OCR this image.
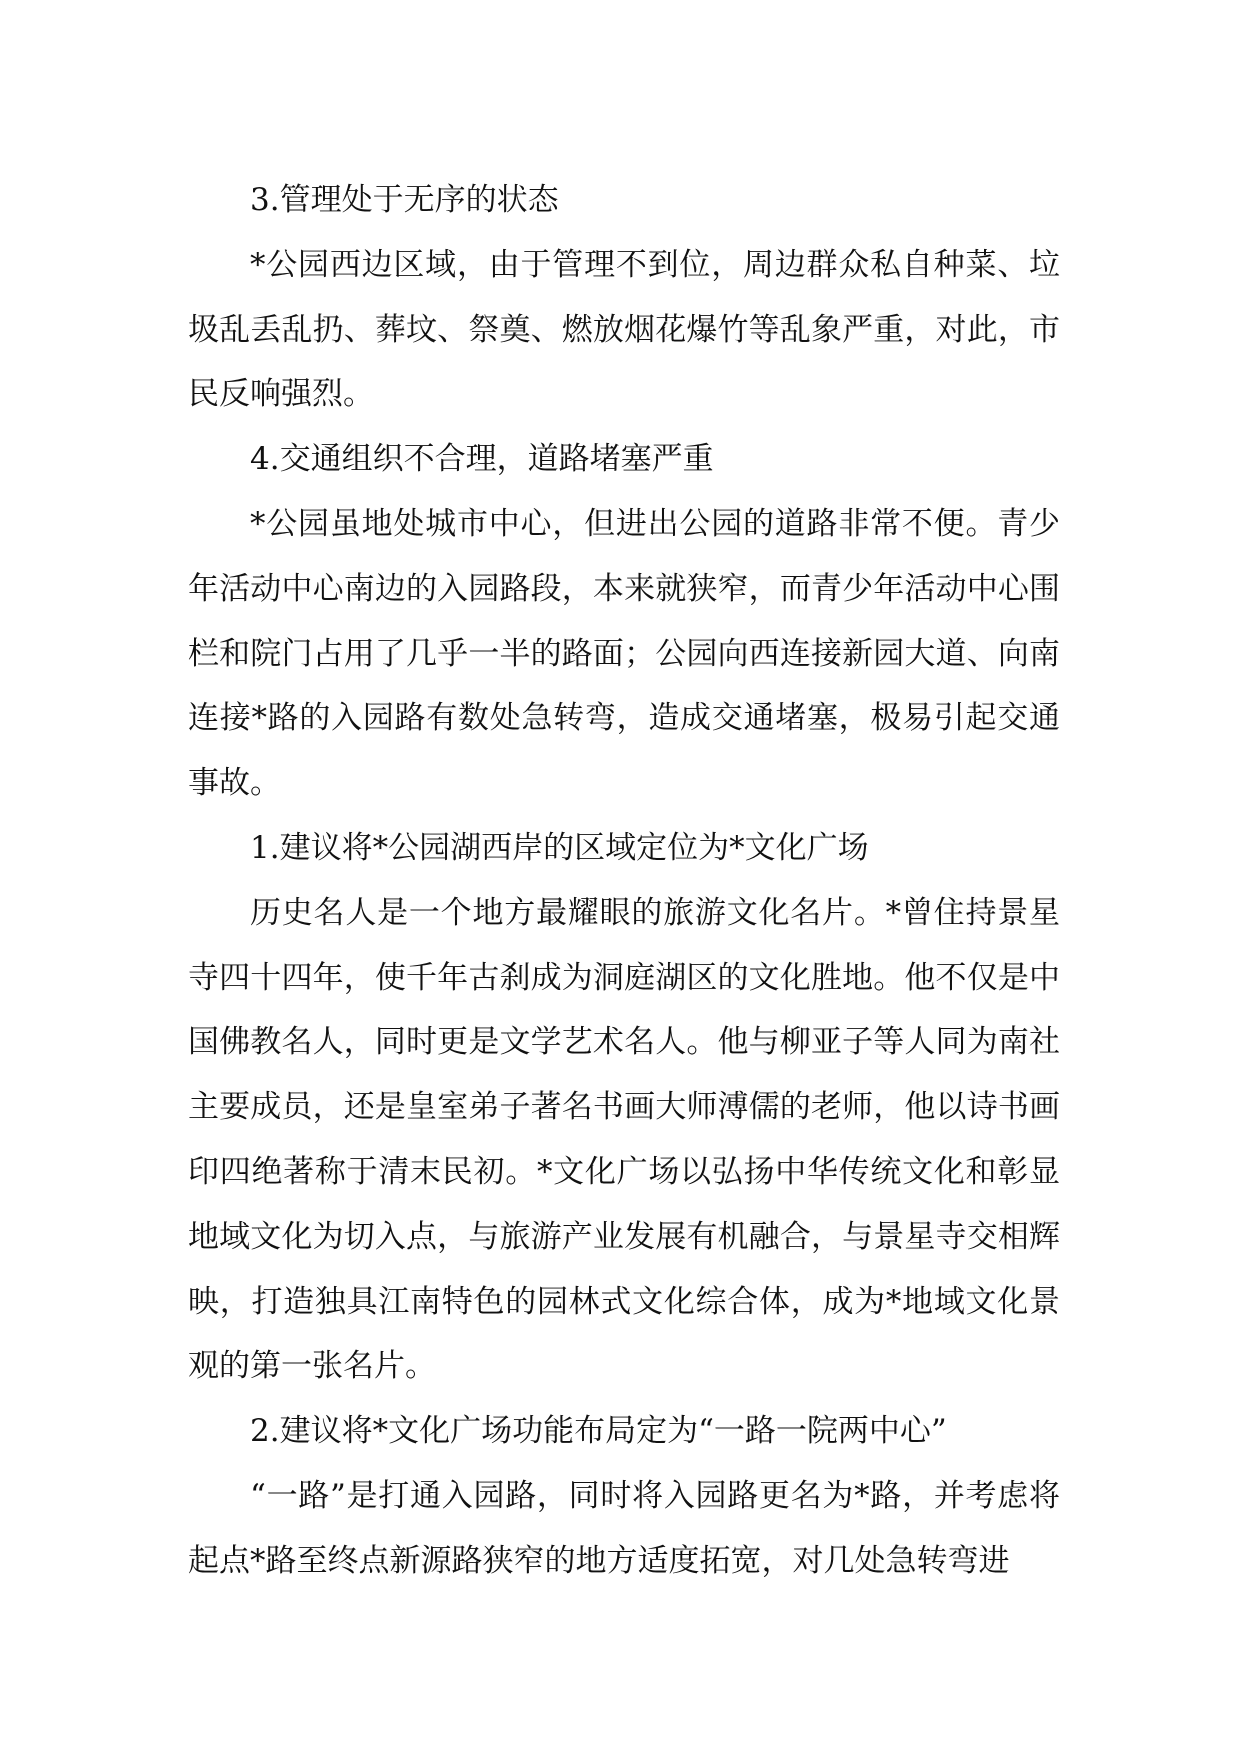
3.管理处于无序的状态

*公园西边区域，由于管理不到位，周边群众私自种菜、垃圾乱丢乱扔、葬坟、祭奠、燃放烟花爆竹等乱象严重，对此，市民反响强烈。

4.交通组织不合理，道路堵塞严重

*公园虽地处城市中心，但进出公园的道路非常不便。青少年活动中心南边的入园路段，本来就狭窄，而青少年活动中心围栏和院门占用了几乎一半的路面；公园向西连接新园大道、向南连接*路的入园路有数处急转弯，造成交通堵塞，极易引起交通事故。

1.建议将*公园湖西岸的区域定位为*文化广场

历史名人是一个地方最耀眼的旅游文化名片。*曾住持景星寺四十四年，使千年古刹成为洞庭湖区的文化胜地。他不仅是中国佛教名人，同时更是文学艺术名人。他与柳亚子等人同为南社主要成员，还是皇室弟子著名书画大师溥儒的老师，他以诗书画印四绝著称于清末民初。*文化广场以弘扬中华传统文化和彰显地域文化为切入点，与旅游产业发展有机融合，与景星寺交相辉映，打造独具江南特色的园林式文化综合体，成为*地域文化景观的第一张名片。

2.建议将*文化广场功能布局定为“一路一院两中心”

“一路”是打通入园路，同时将入园路更名为*路，并考虑将起点*路至终点新源路狭窄的地方适度拓宽，对几处急转弯进
